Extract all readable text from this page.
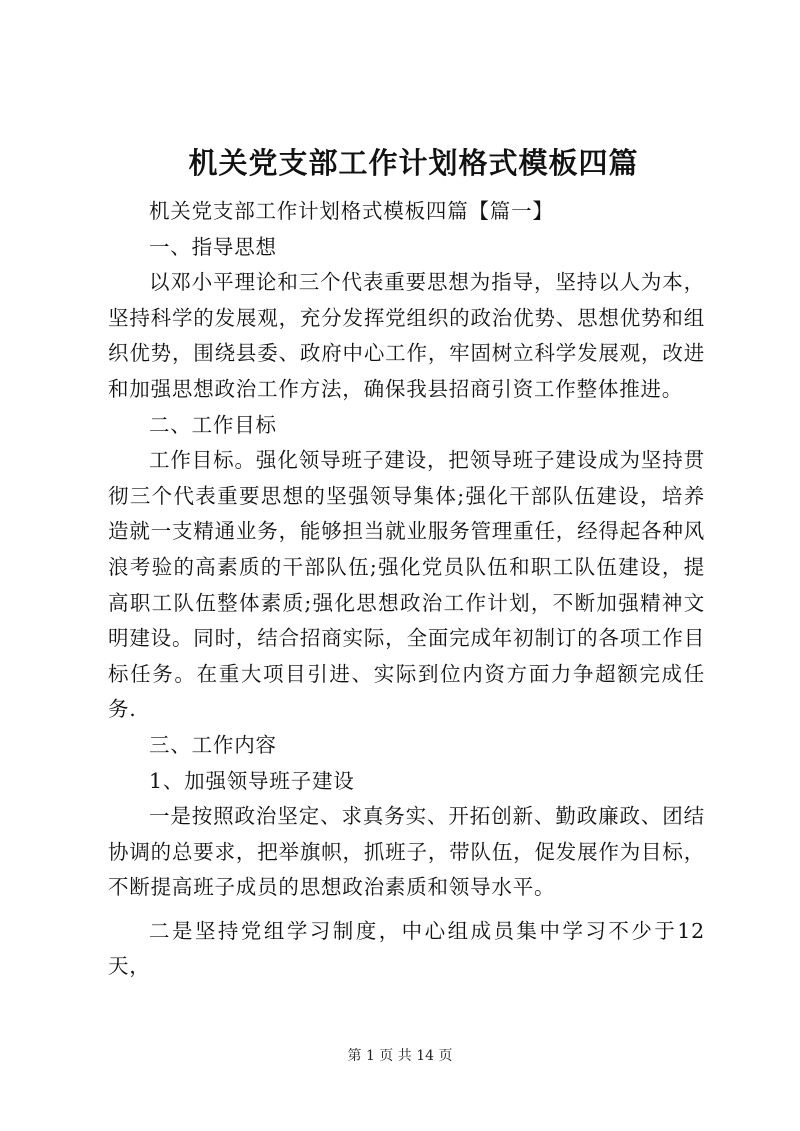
机关党支部工作计划格式模板四篇

机关党支部工作计划格式模板四篇【篇一】

一、指导思想

以邓小平理论和三个代表重要思想为指导，坚持以人为本，坚持科学的发展观，充分发挥党组织的政治优势、思想优势和组织优势，围绕县委、政府中心工作，牢固树立科学发展观，改进和加强思想政治工作方法，确保我县招商引资工作整体推进。

二、工作目标

工作目标。强化领导班子建设，把领导班子建设成为坚持贯彻三个代表重要思想的坚强领导集体;强化干部队伍建设，培养造就一支精通业务，能够担当就业服务管理重任，经得起各种风浪考验的高素质的干部队伍;强化党员队伍和职工队伍建设，提高职工队伍整体素质;强化思想政治工作计划，不断加强精神文明建设。同时，结合招商实际，全面完成年初制订的各项工作目标任务。在重大项目引进、实际到位内资方面力争超额完成任务.

三、工作内容

1、加强领导班子建设

一是按照政治坚定、求真务实、开拓创新、勤政廉政、团结协调的总要求，把举旗帜，抓班子，带队伍，促发展作为目标，不断提高班子成员的思想政治素质和领导水平。

二是坚持党组学习制度，中心组成员集中学习不少于12天，

第 1 页 共 14 页
